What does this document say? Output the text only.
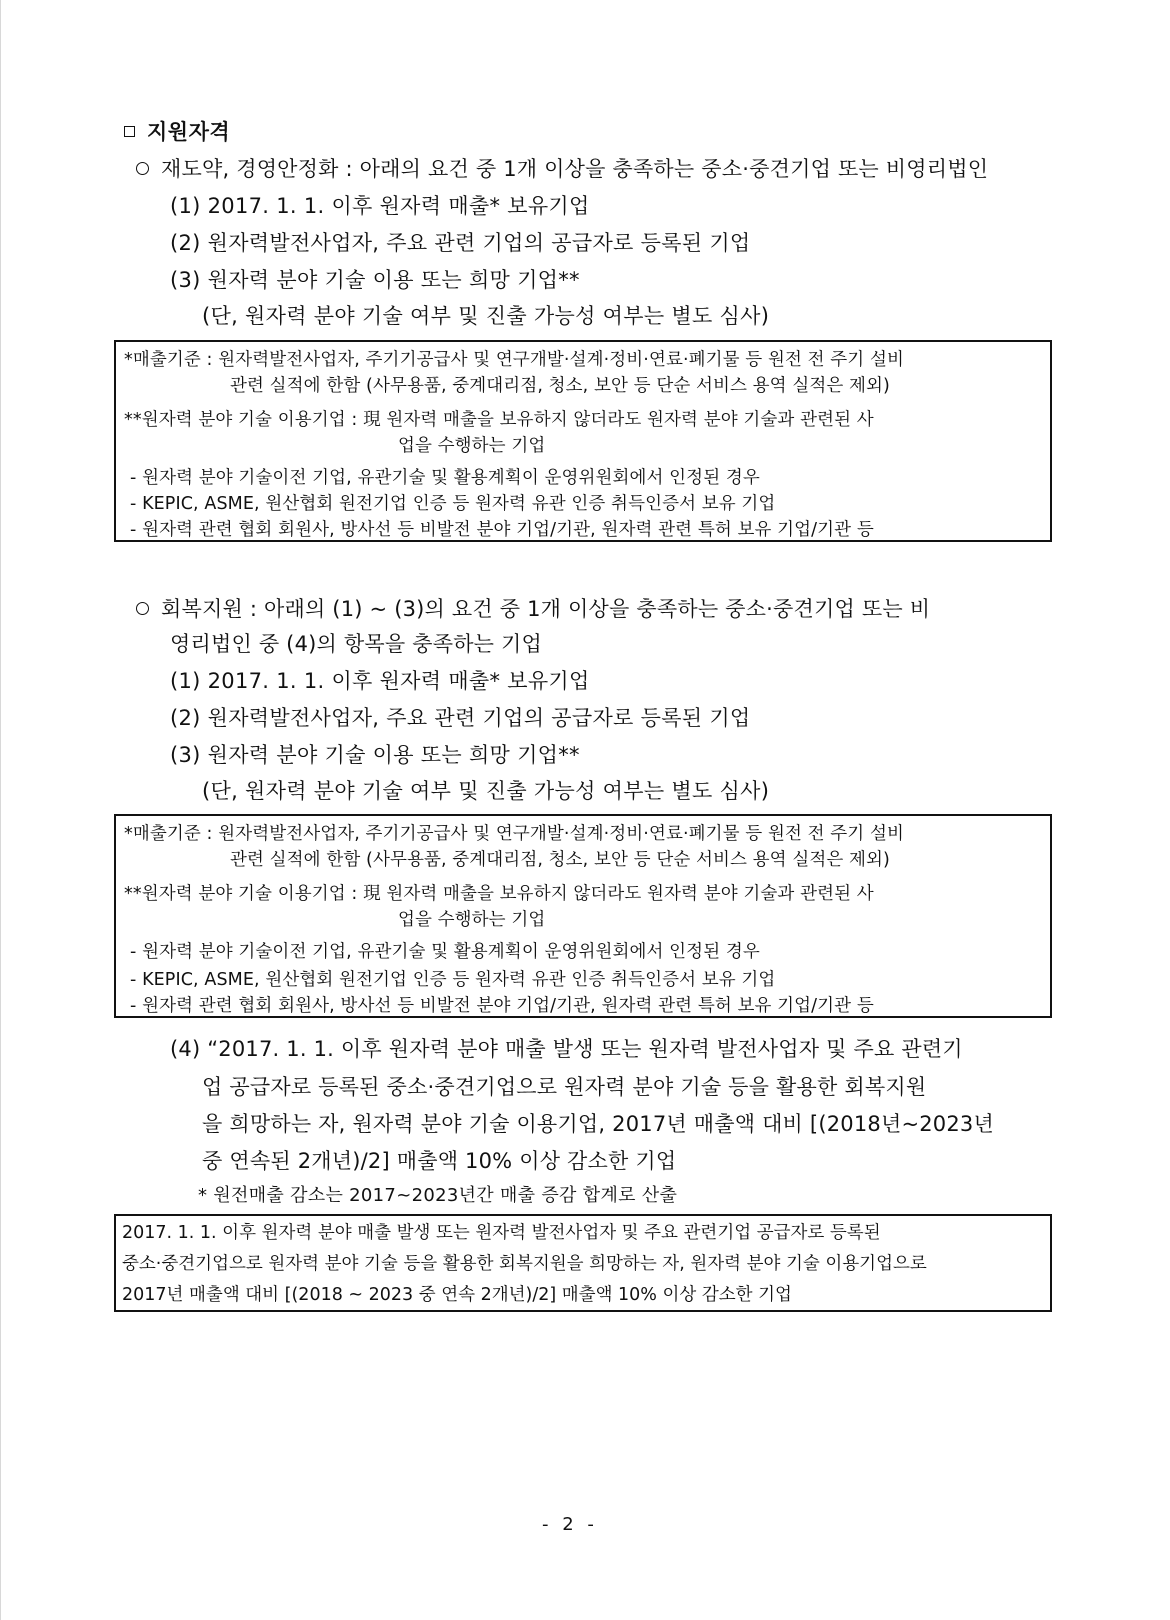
지원자격
재도약, 경영안정화 : 아래의 요건 중 1개 이상을 충족하는 중소·중견기업 또는 비영리법인
(1) 2017. 1. 1. 이후 원자력 매출* 보유기업
(2) 원자력발전사업자, 주요 관련 기업의 공급자로 등록된 기업
(3) 원자력 분야 기술 이용 또는 희망 기업**
(단, 원자력 분야 기술 여부 및 진출 가능성 여부는 별도 심사)
*매출기준 : 원자력발전사업자, 주기기공급사 및 연구개발·설계·정비·연료·폐기물 등 원전 전 주기 설비
관련 실적에 한함 (사무용품, 중계대리점, 청소, 보안 등 단순 서비스 용역 실적은 제외)
**원자력 분야 기술 이용기업 : 現 원자력 매출을 보유하지 않더라도 원자력 분야 기술과 관련된 사
업을 수행하는 기업
- 원자력 분야 기술이전 기업, 유관기술 및 활용계획이 운영위원회에서 인정된 경우
- KEPIC, ASME, 원산협회 원전기업 인증 등 원자력 유관 인증 취득인증서 보유 기업
- 원자력 관련 협회 회원사, 방사선 등 비발전 분야 기업/기관, 원자력 관련 특허 보유 기업/기관 등
회복지원 : 아래의 (1) ~ (3)의 요건 중 1개 이상을 충족하는 중소·중견기업 또는 비
영리법인 중 (4)의 항목을 충족하는 기업
(1) 2017. 1. 1. 이후 원자력 매출* 보유기업
(2) 원자력발전사업자, 주요 관련 기업의 공급자로 등록된 기업
(3) 원자력 분야 기술 이용 또는 희망 기업**
(단, 원자력 분야 기술 여부 및 진출 가능성 여부는 별도 심사)
*매출기준 : 원자력발전사업자, 주기기공급사 및 연구개발·설계·정비·연료·폐기물 등 원전 전 주기 설비
관련 실적에 한함 (사무용품, 중계대리점, 청소, 보안 등 단순 서비스 용역 실적은 제외)
**원자력 분야 기술 이용기업 : 現 원자력 매출을 보유하지 않더라도 원자력 분야 기술과 관련된 사
업을 수행하는 기업
- 원자력 분야 기술이전 기업, 유관기술 및 활용계획이 운영위원회에서 인정된 경우
- KEPIC, ASME, 원산협회 원전기업 인증 등 원자력 유관 인증 취득인증서 보유 기업
- 원자력 관련 협회 회원사, 방사선 등 비발전 분야 기업/기관, 원자력 관련 특허 보유 기업/기관 등
(4) “2017. 1. 1. 이후 원자력 분야 매출 발생 또는 원자력 발전사업자 및 주요 관련기
업 공급자로 등록된 중소·중견기업으로 원자력 분야 기술 등을 활용한 회복지원
을 희망하는 자, 원자력 분야 기술 이용기업, 2017년 매출액 대비 [(2018년~2023년
중 연속된 2개년)/2] 매출액 10% 이상 감소한 기업
* 원전매출 감소는 2017~2023년간 매출 증감 합계로 산출
2017. 1. 1. 이후 원자력 분야 매출 발생 또는 원자력 발전사업자 및 주요 관련기업 공급자로 등록된
중소·중견기업으로 원자력 분야 기술 등을 활용한 회복지원을 희망하는 자, 원자력 분야 기술 이용기업으로
2017년 매출액 대비 [(2018 ~ 2023 중 연속 2개년)/2] 매출액 10% 이상 감소한 기업
- 2 -
